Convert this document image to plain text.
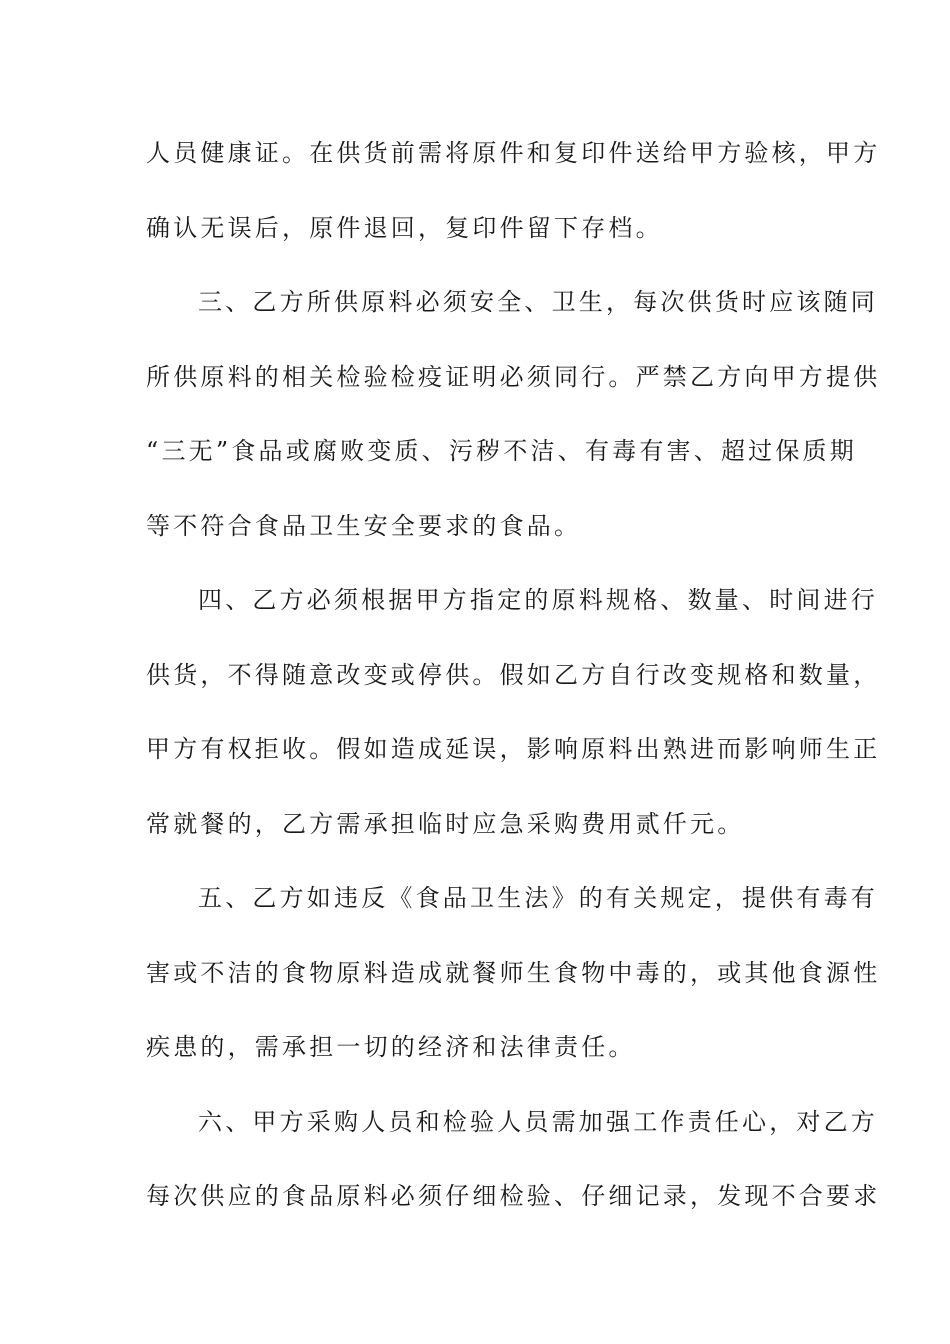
人员健康证。在供货前需将原件和复印件送给甲方验核，甲方
确认无误后，原件退回，复印件留下存档。
三、乙方所供原料必须安全、卫生，每次供货时应该随同
所供原料的相关检验检疫证明必须同行。严禁乙方向甲方提供
“三无”食品或腐败变质、污秽不洁、有毒有害、超过保质期
等不符合食品卫生安全要求的食品。
四、乙方必须根据甲方指定的原料规格、数量、时间进行
供货，不得随意改变或停供。假如乙方自行改变规格和数量，
甲方有权拒收。假如造成延误，影响原料出熟进而影响师生正
常就餐的，乙方需承担临时应急采购费用贰仟元。
五、乙方如违反《食品卫生法》的有关规定，提供有毒有
害或不洁的食物原料造成就餐师生食物中毒的，或其他食源性
疾患的，需承担一切的经济和法律责任。
六、甲方采购人员和检验人员需加强工作责任心，对乙方
每次供应的食品原料必须仔细检验、仔细记录，发现不合要求
